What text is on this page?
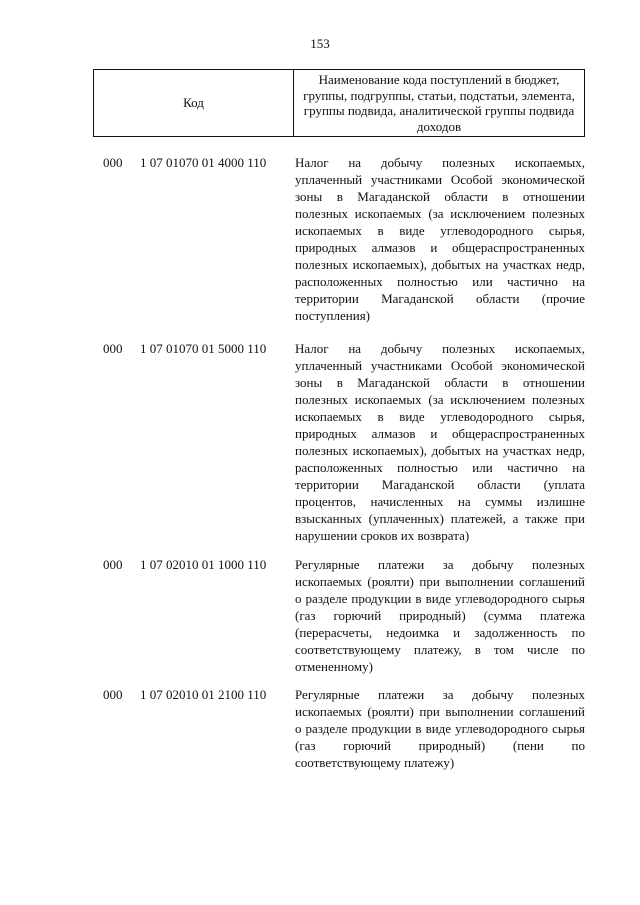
153
Код
Наименование кода поступлений в бюджет, группы, подгруппы, статьи, подстатьи, элемента, группы подвида, аналитической группы подвида доходов
000 1 07 01070 01 4000 110 Налог на добычу полезных ископаемых, уплаченный участниками Особой экономической зоны в Магаданской области в отношении полезных ископаемых (за исключением полезных ископаемых в виде углеводородного сырья, природных алмазов и общераспространенных полезных ископаемых), добытых на участках недр, расположенных полностью или частично на территории Магаданской области (прочие поступления)
000 1 07 01070 01 5000 110 Налог на добычу полезных ископаемых, уплаченный участниками Особой экономической зоны в Магаданской области в отношении полезных ископаемых (за исключением полезных ископаемых в виде углеводородного сырья, природных алмазов и общераспространенных полезных ископаемых), добытых на участках недр, расположенных полностью или частично на территории Магаданской области (уплата процентов, начисленных на суммы излишне взысканных (уплаченных) платежей, а также при нарушении сроков их возврата)
000 1 07 02010 01 1000 110 Регулярные платежи за добычу полезных ископаемых (роялти) при выполнении соглашений о разделе продукции в виде углеводородного сырья (газ горючий природный) (сумма платежа (перерасчеты, недоимка и задолженность по соответствующему платежу, в том числе по отмененному)
000 1 07 02010 01 2100 110 Регулярные платежи за добычу полезных ископаемых (роялти) при выполнении соглашений о разделе продукции в виде углеводородного сырья (газ горючий природный) (пени по соответствующему платежу)
